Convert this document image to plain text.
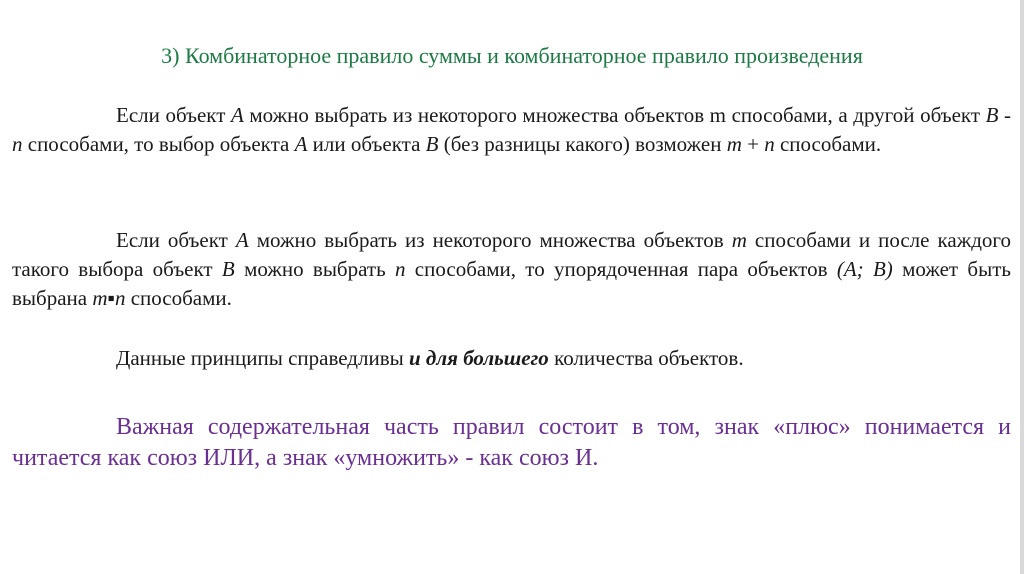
3) Комбинаторное правило суммы и комбинаторное правило произведения
Если объект A можно выбрать из некоторого множества объектов m способами, а другой объект B - n способами, то выбор объекта A или объекта B (без разницы какого) возможен m + n способами.
Если объект A можно выбрать из некоторого множества объектов m способами и после каждого такого выбора объект B можно выбрать n способами, то упорядоченная пара объектов (A; B) может быть выбрана m▪n способами.
Данные принципы справедливы и для большего количества объектов.
Важная содержательная часть правил состоит в том, знак «плюс» понимается и читается как союз ИЛИ, а знак «умножить» - как союз И.
